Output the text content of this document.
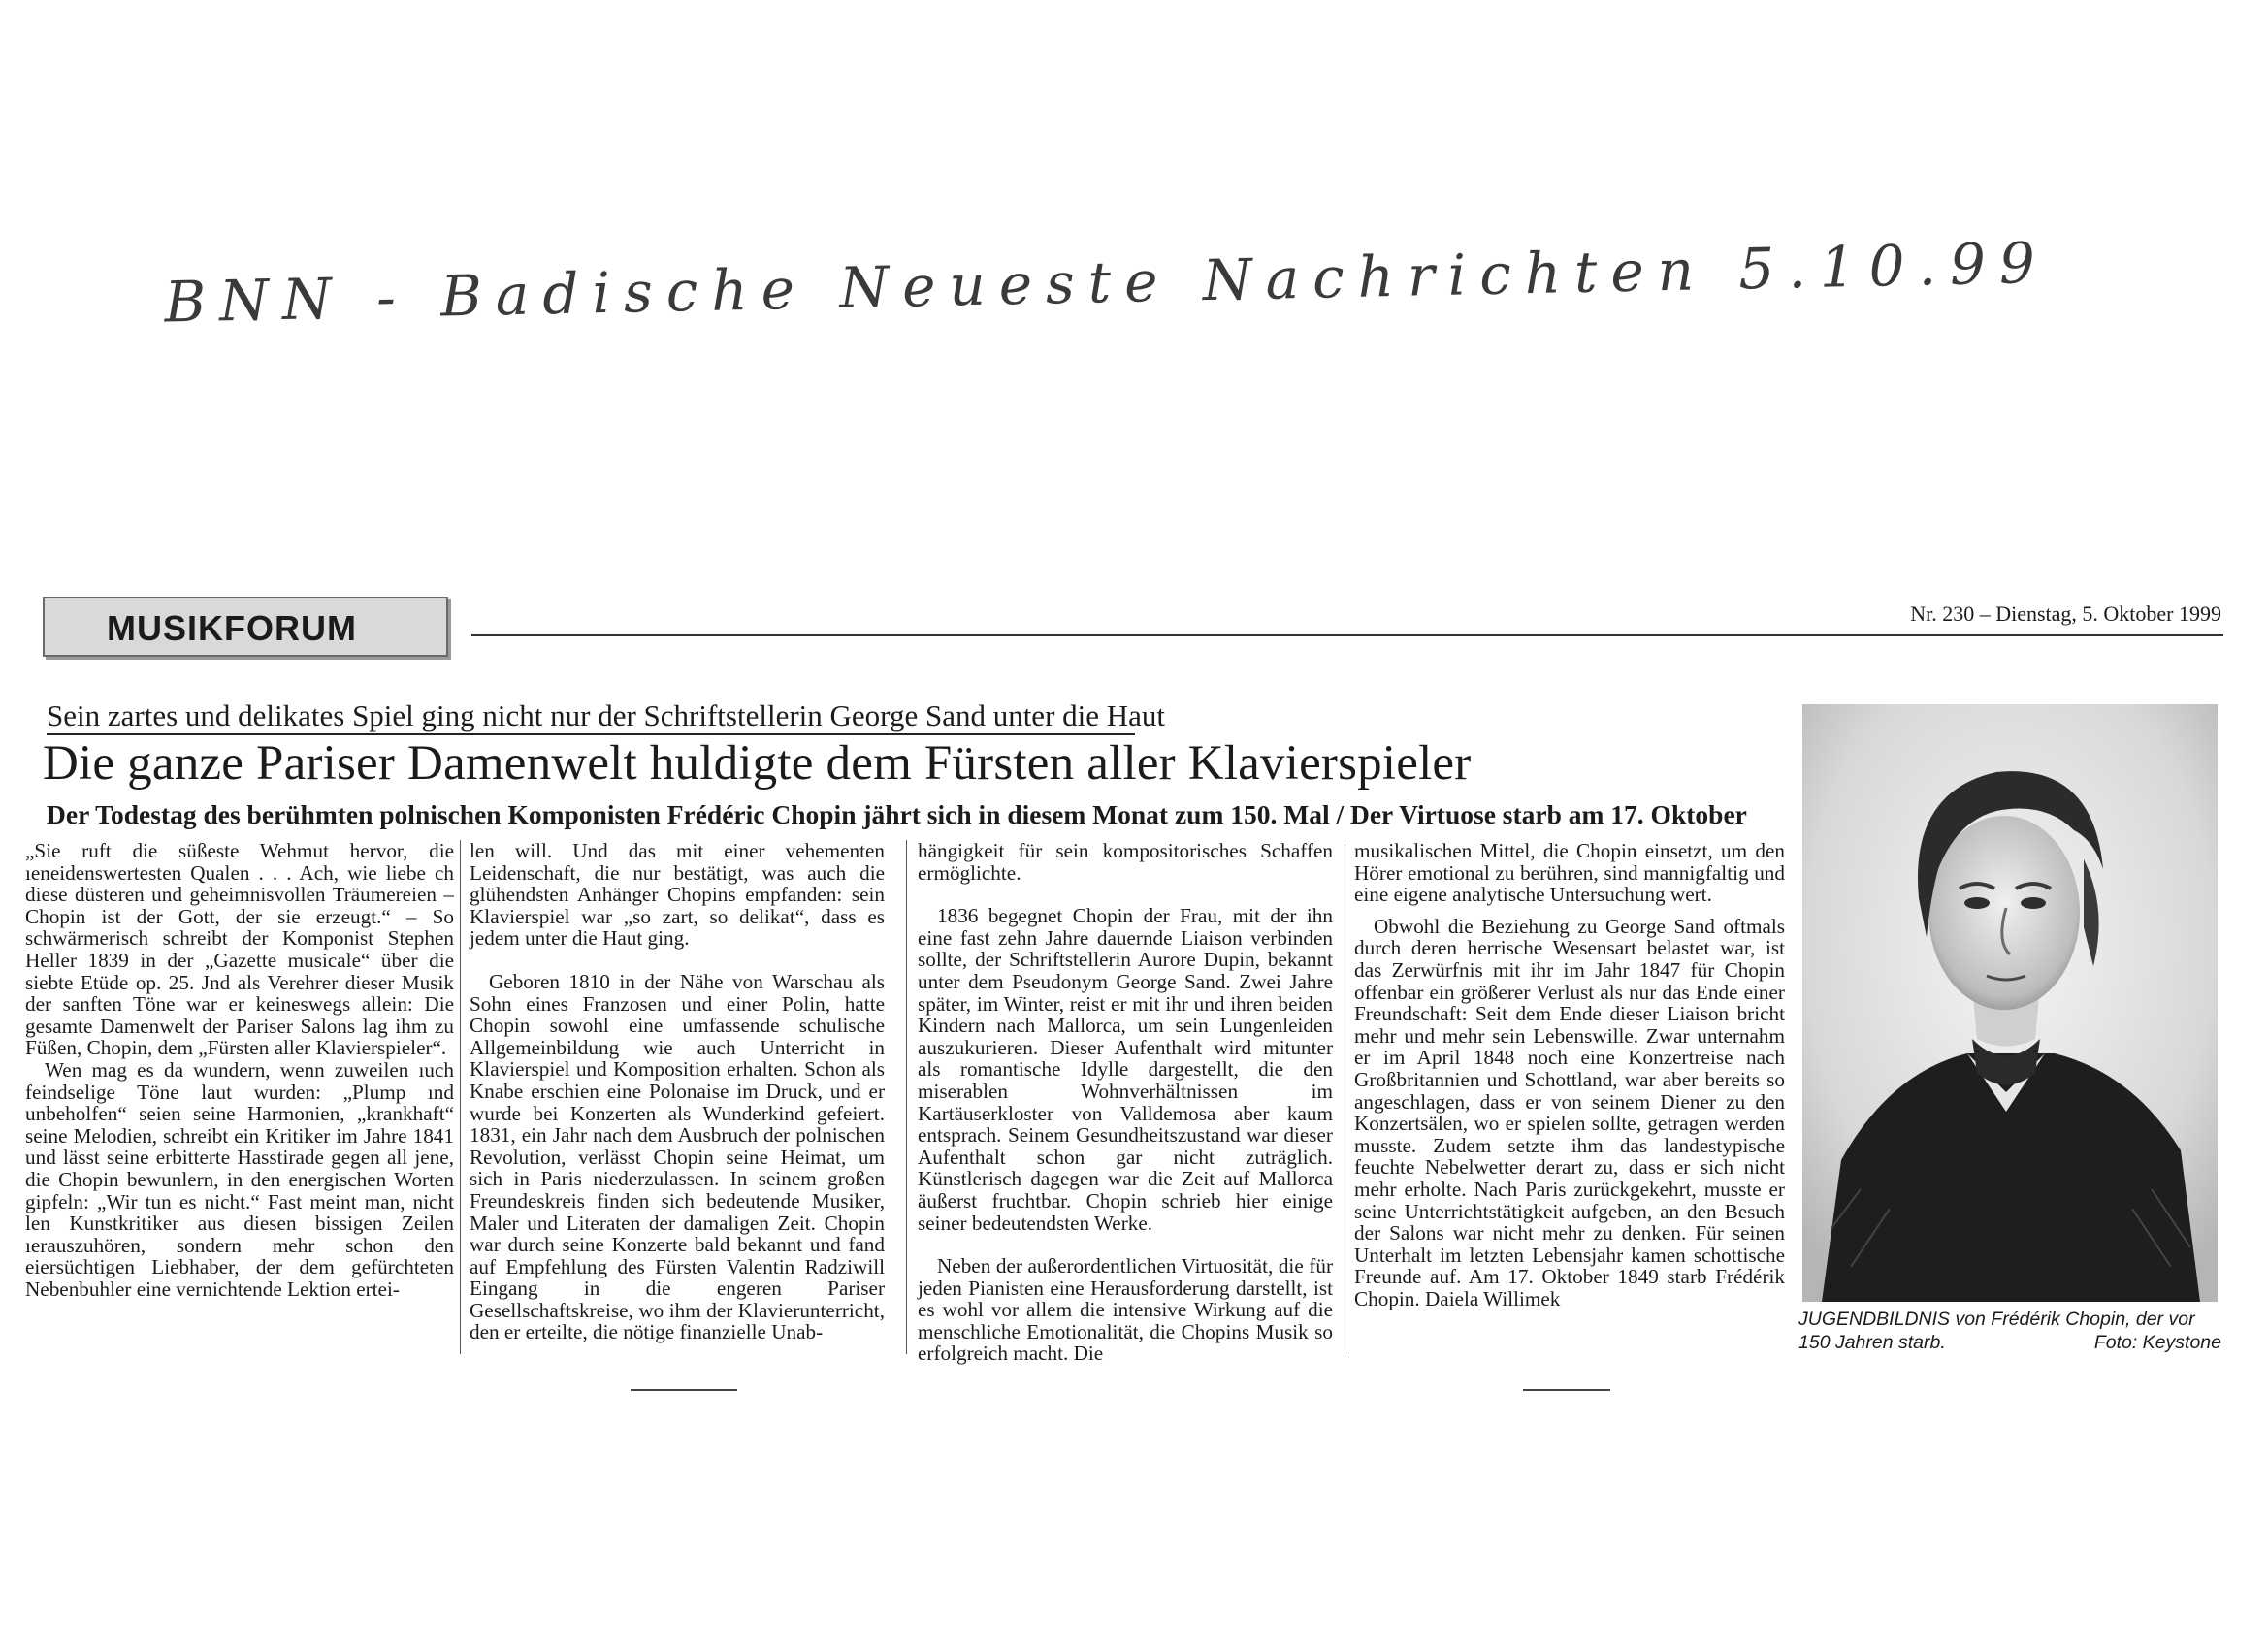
BNN - Badische Neueste Nachrichten 5.10.99
MUSIKFORUM	Nr. 230 – Dienstag, 5. Oktober 1999
Sein zartes und delikates Spiel ging nicht nur der Schriftstellerin George Sand unter die Haut
Die ganze Pariser Damenwelt huldigte dem Fürsten aller Klavierspieler
Der Todestag des berühmten polnischen Komponisten Frédéric Chopin jährt sich in diesem Monat zum 150. Mal / Der Virtuose starb am 17. Oktober

„Sie ruft die süßeste Wehmut hervor, die ıeneidenswertesten Qualen . . . Ach, wie liebe ch diese düsteren und geheimnisvollen Träumereien – Chopin ist der Gott, der sie erzeugt.“ – So schwärmerisch schreibt der Komponist Stephen Heller 1839 in der „Gazette musicale“ über die siebte Etüde op. 25. Jnd als Verehrer dieser Musik der sanften Töne war er keineswegs allein: Die gesamte Damenwelt der Pariser Salons lag ihm zu Füßen, Chopin, dem „Fürsten aller Klavierspieler“.

Wen mag es da wundern, wenn zuweilen ıuch feindselige Töne laut wurden: „Plump ınd unbeholfen“ seien seine Harmonien, „krankhaft“ seine Melodien, schreibt ein Kritiker im Jahre 1841 und lässt seine erbitterte Hasstirade gegen all jene, die Chopin bewunlern, in den energischen Worten gipfeln: „Wir tun es nicht.“ Fast meint man, nicht len Kunstkritiker aus diesen bissigen Zeilen ıerauszuhören, sondern mehr schon den eiersüchtigen Liebhaber, der dem gefürchteten Nebenbuhler eine vernichtende Lektion ertei-

len will. Und das mit einer vehementen Leidenschaft, die nur bestätigt, was auch die glühendsten Anhänger Chopins empfanden: sein Klavierspiel war „so zart, so delikat“, dass es jedem unter die Haut ging.

Geboren 1810 in der Nähe von Warschau als Sohn eines Franzosen und einer Polin, hatte Chopin sowohl eine umfassende schulische Allgemeinbildung wie auch Unterricht in Klavierspiel und Komposition erhalten. Schon als Knabe erschien eine Polonaise im Druck, und er wurde bei Konzerten als Wunderkind gefeiert. 1831, ein Jahr nach dem Ausbruch der polnischen Revolution, verlässt Chopin seine Heimat, um sich in Paris niederzulassen. In seinem großen Freundeskreis finden sich bedeutende Musiker, Maler und Literaten der damaligen Zeit. Chopin war durch seine Konzerte bald bekannt und fand auf Empfehlung des Fürsten Valentin Radziwill Eingang in die engeren Pariser Gesellschaftskreise, wo ihm der Klavierunterricht, den er erteilte, die nötige finanzielle Unab-

hängigkeit für sein kompositorisches Schaffen ermöglichte.

1836 begegnet Chopin der Frau, mit der ihn eine fast zehn Jahre dauernde Liaison verbinden sollte, der Schriftstellerin Aurore Dupin, bekannt unter dem Pseudonym George Sand. Zwei Jahre später, im Winter, reist er mit ihr und ihren beiden Kindern nach Mallorca, um sein Lungenleiden auszukurieren. Dieser Aufenthalt wird mitunter als romantische Idylle dargestellt, die den miserablen Wohnverhältnissen im Kartäuserkloster von Valldemosa aber kaum entsprach. Seinem Gesundheitszustand war dieser Aufenthalt schon gar nicht zuträglich. Künstlerisch dagegen war die Zeit auf Mallorca äußerst fruchtbar. Chopin schrieb hier einige seiner bedeutendsten Werke.

Neben der außerordentlichen Virtuosität, die für jeden Pianisten eine Herausforderung darstellt, ist es wohl vor allem die intensive Wirkung auf die menschliche Emotionalität, die Chopins Musik so erfolgreich macht. Die

musikalischen Mittel, die Chopin einsetzt, um den Hörer emotional zu berühren, sind mannigfaltig und eine eigene analytische Untersuchung wert.

Obwohl die Beziehung zu George Sand oftmals durch deren herrische Wesensart belastet war, ist das Zerwürfnis mit ihr im Jahr 1847 für Chopin offenbar ein größerer Verlust als nur das Ende einer Freundschaft: Seit dem Ende dieser Liaison bricht mehr und mehr sein Lebenswille. Zwar unternahm er im April 1848 noch eine Konzertreise nach Großbritannien und Schottland, war aber bereits so angeschlagen, dass er von seinem Diener zu den Konzertsälen, wo er spielen sollte, getragen werden musste. Zudem setzte ihm das landestypische feuchte Nebelwetter derart zu, dass er sich nicht mehr erholte. Nach Paris zurückgekehrt, musste er seine Unterrichtstätigkeit aufgeben, an den Besuch der Salons war nicht mehr zu denken. Für seinen Unterhalt im letzten Lebensjahr kamen schottische Freunde auf. Am 17. Oktober 1849 starb Frédérik Chopin. Daiela Willimek

JUGENDBILDNIS von Frédérik Chopin, der vor 150 Jahren starb.	Foto: Keystone
